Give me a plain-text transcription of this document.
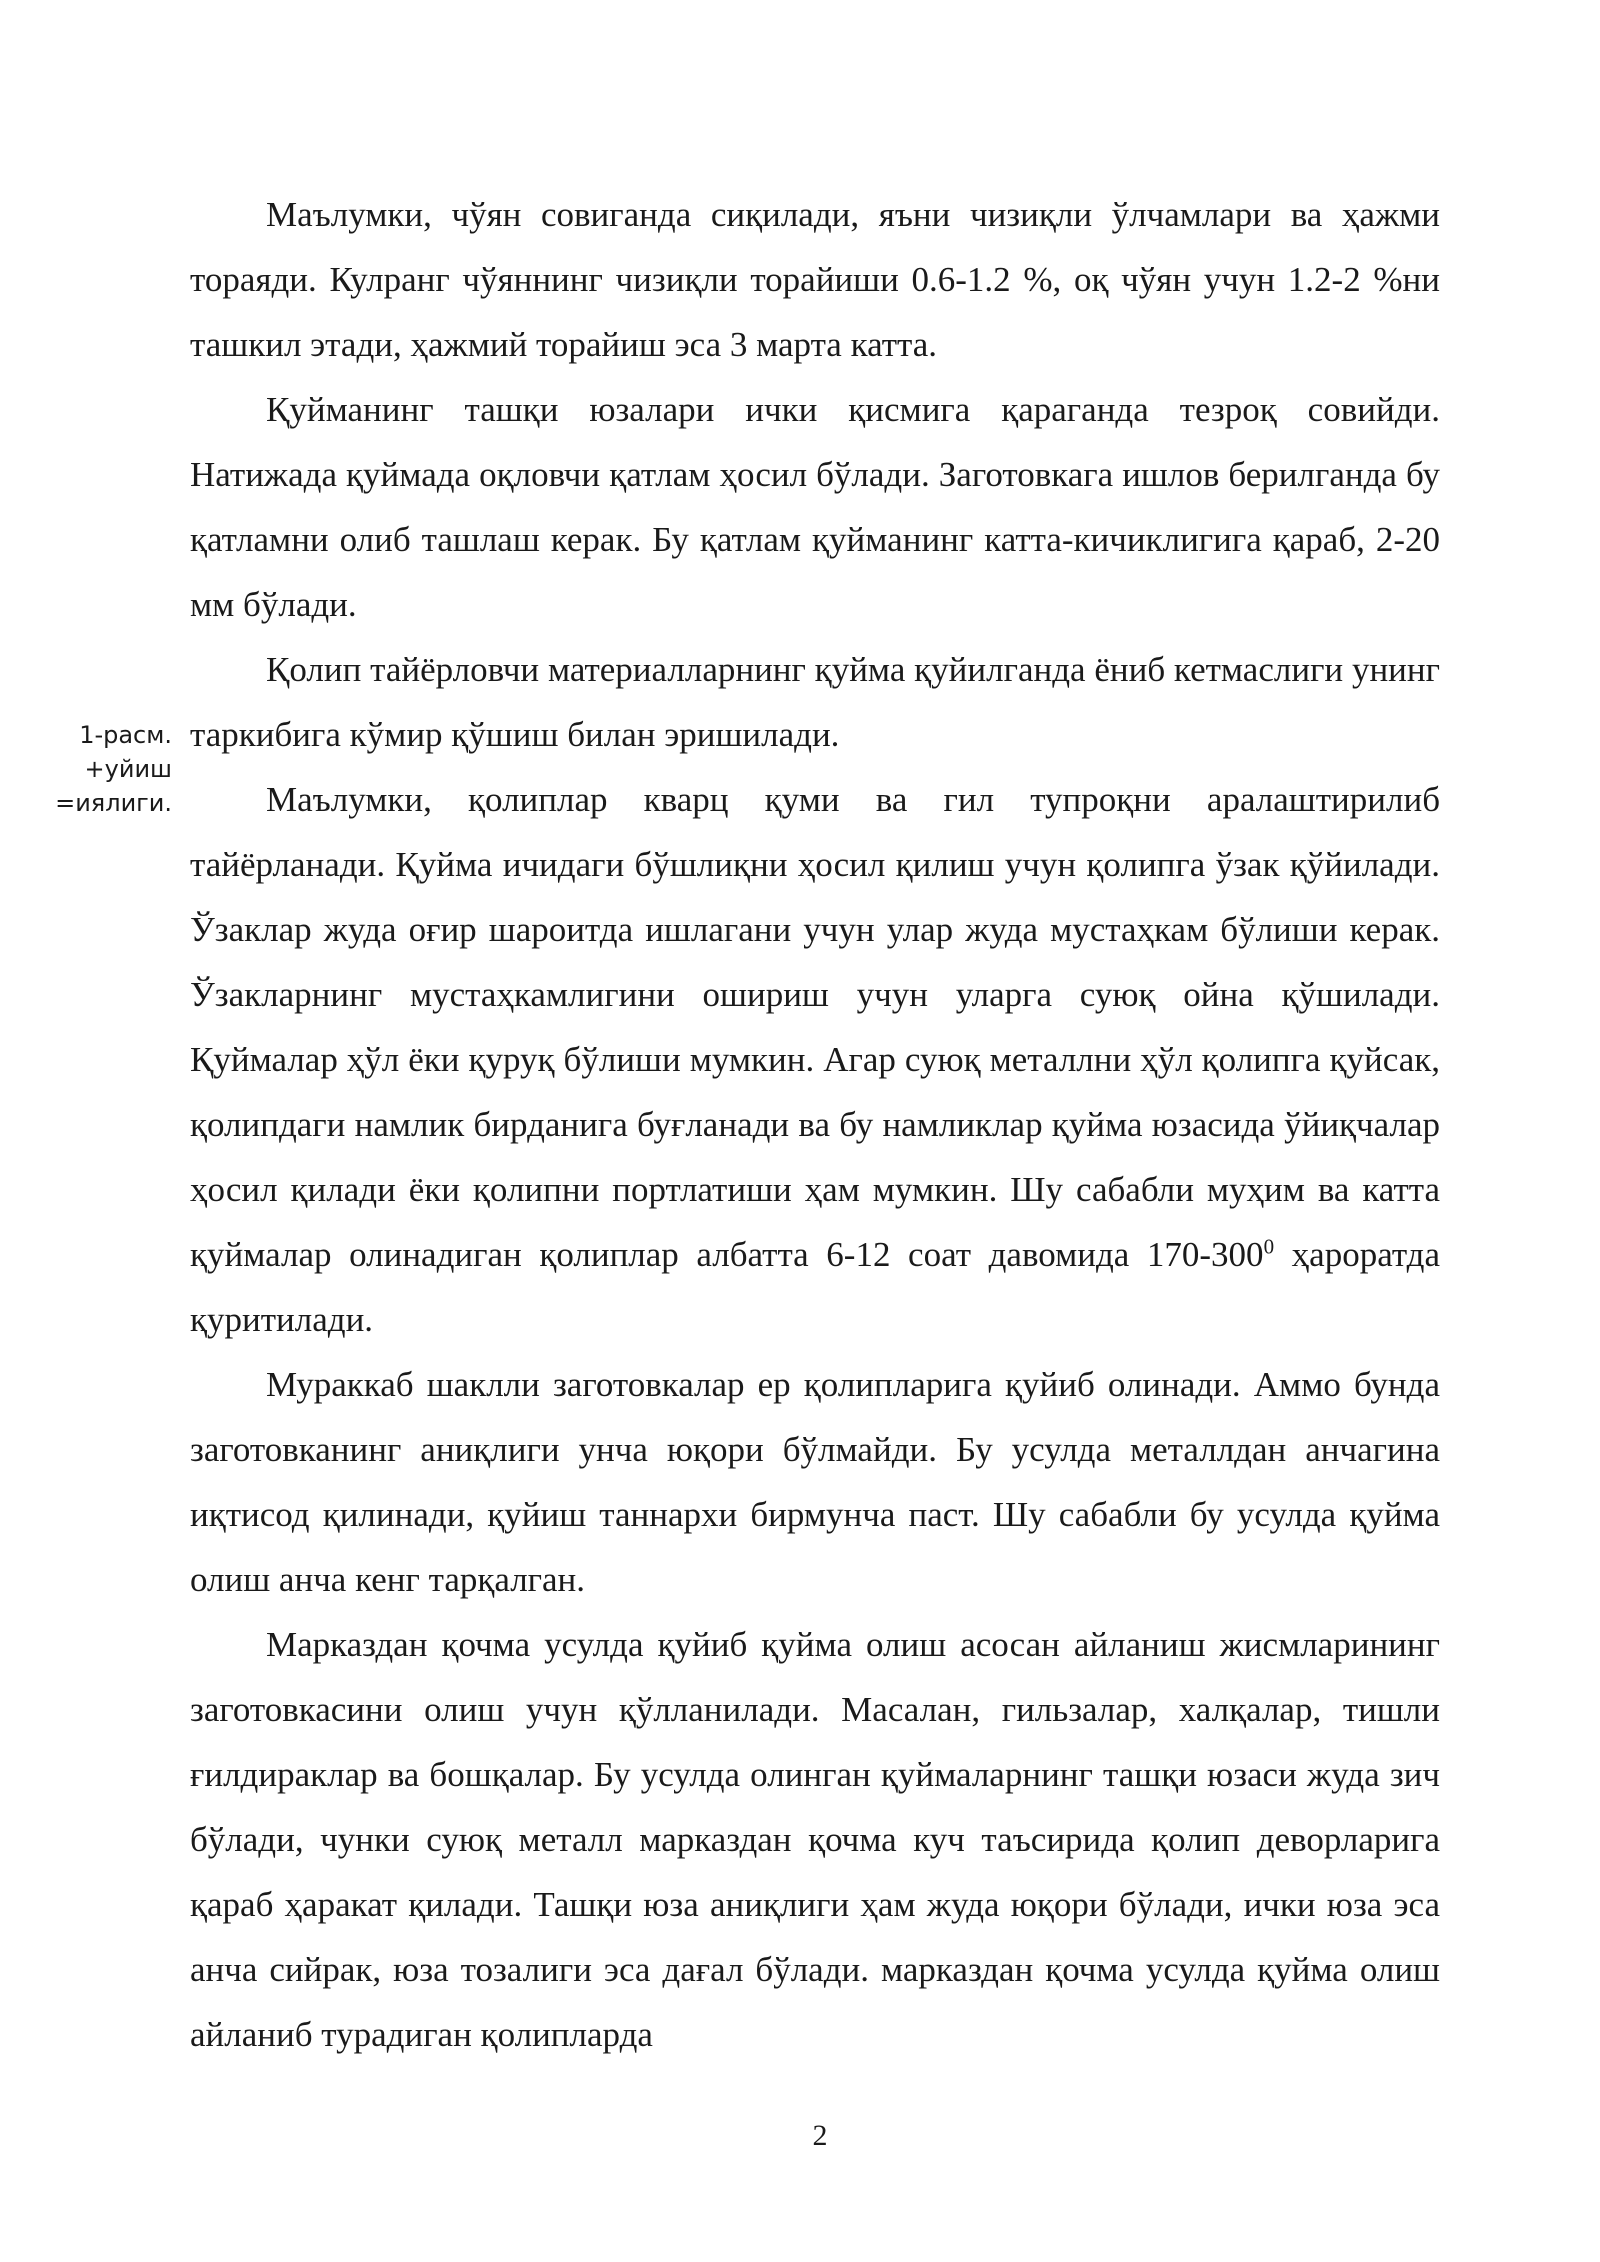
1-расм.
+уйиш
=иялиги.

Маълумки, чўян совиганда сиқилади, яъни чизиқли ўлчамлари ва ҳажми тораяди. Кулранг чўяннинг чизиқли торайиши 0.6-1.2 %, оқ чўян учун 1.2-2 %ни ташкил этади, ҳажмий торайиш эса 3 марта катта.

Қуйманинг ташқи юзалари ички қисмига қараганда тезроқ совийди. Натижада қуймада оқловчи қатлам ҳосил бўлади. Заготовкага ишлов берилганда бу қатламни олиб ташлаш керак. Бу қатлам қуйманинг катта-кичиклигига қараб, 2-20 мм бўлади.

Қолип тайёрловчи материалларнинг қуйма қуйилганда ёниб кетмаслиги унинг таркибига кўмир қўшиш билан эришилади.

Маълумки, қолиплар кварц қуми ва гил тупроқни аралаштирилиб тайёрланади. Қуйма ичидаги бўшлиқни ҳосил қилиш учун қолипга ўзак қўйилади. Ўзаклар жуда оғир шароитда ишлагани учун улар жуда мустаҳкам бўлиши керак. Ўзакларнинг мустаҳкамлигини ошириш учун уларга суюқ ойна қўшилади. Қуймалар ҳўл ёки қуруқ бўлиши мумкин. Агар суюқ металлни ҳўл қолипга қуйсак, қолипдаги намлик бирданига буғланади ва бу намликлар қуйма юзасида ўйиқчалар ҳосил қилади ёки қолипни портлатиши ҳам мумкин. Шу сабабли муҳим ва катта қуймалар олинадиган қолиплар албатта 6-12 соат давомида $170-300^0$ ҳароратда қуритилади.

Мураккаб шаклли заготовкалар ер қолипларига қуйиб олинади. Аммо бунда заготовканинг аниқлиги унча юқори бўлмайди. Бу усулда металлдан анчагина иқтисод қилинади, қуйиш таннархи бирмунча паст. Шу сабабли бу усулда қуйма олиш анча кенг тарқалган.

Марказдан қочма усулда қуйиб қуйма олиш асосан айланиш жисмларининг заготовкасини олиш учун қўлланилади. Масалан, гильзалар, халқалар, тишли ғилдираклар ва бошқалар. Бу усулда олинган қуймаларнинг ташқи юзаси жуда зич бўлади, чунки суюқ металл марказдан қочма куч таъсирида қолип деворларига қараб ҳаракат қилади. Ташқи юза аниқлиги ҳам жуда юқори бўлади, ички юза эса анча сийрак, юза тозалиги эса дағал бўлади. марказдан қочма усулда қуйма олиш айланиб турадиган қолипларда

2
